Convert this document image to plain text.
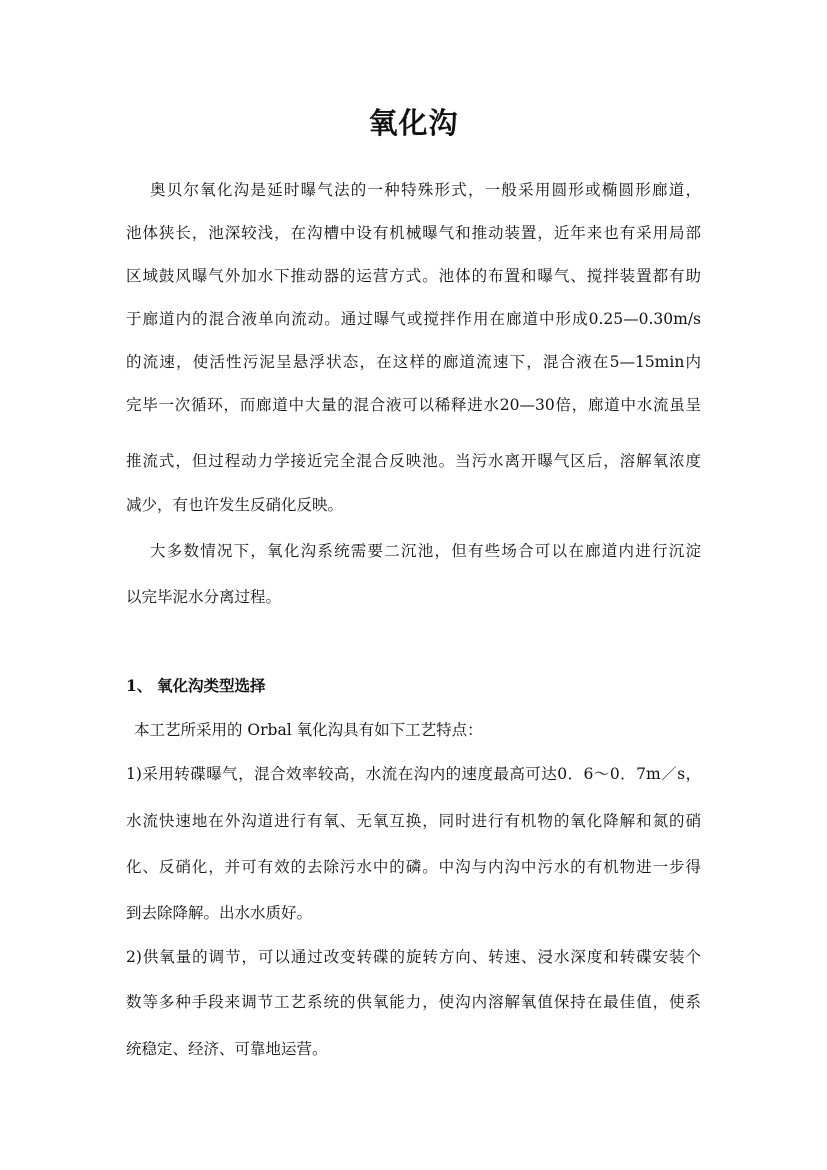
氧化沟
奥贝尔氧化沟是延时曝气法的一种特殊形式，一般采用圆形或椭圆形廊道，
池体狭长，池深较浅，在沟槽中设有机械曝气和推动装置，近年来也有采用局部
区域鼓风曝气外加水下推动器的运营方式。池体的布置和曝气、搅拌装置都有助
于廊道内的混合液单向流动。通过曝气或搅拌作用在廊道中形成0.25—0.30m/s
的流速，使活性污泥呈悬浮状态，在这样的廊道流速下，混合液在5—15min内
完毕一次循环，而廊道中大量的混合液可以稀释进水20—30倍，廊道中水流虽呈
推流式，但过程动力学接近完全混合反映池。当污水离开曝气区后，溶解氧浓度
减少，有也许发生反硝化反映。
大多数情况下，氧化沟系统需要二沉池，但有些场合可以在廊道内进行沉淀
以完毕泥水分离过程。
1、 氧化沟类型选择
本工艺所采用的 Orbal 氧化沟具有如下工艺特点：
1)采用转碟曝气，混合效率较高，水流在沟内的速度最高可达0．6～0．7m／s，
水流快速地在外沟道进行有氧、无氧互换，同时进行有机物的氧化降解和氮的硝
化、反硝化，并可有效的去除污水中的磷。中沟与内沟中污水的有机物进一步得
到去除降解。出水水质好。
2)供氧量的调节，可以通过改变转碟的旋转方向、转速、浸水深度和转碟安装个
数等多种手段来调节工艺系统的供氧能力，使沟内溶解氧值保持在最佳值，使系
统稳定、经济、可靠地运营。
